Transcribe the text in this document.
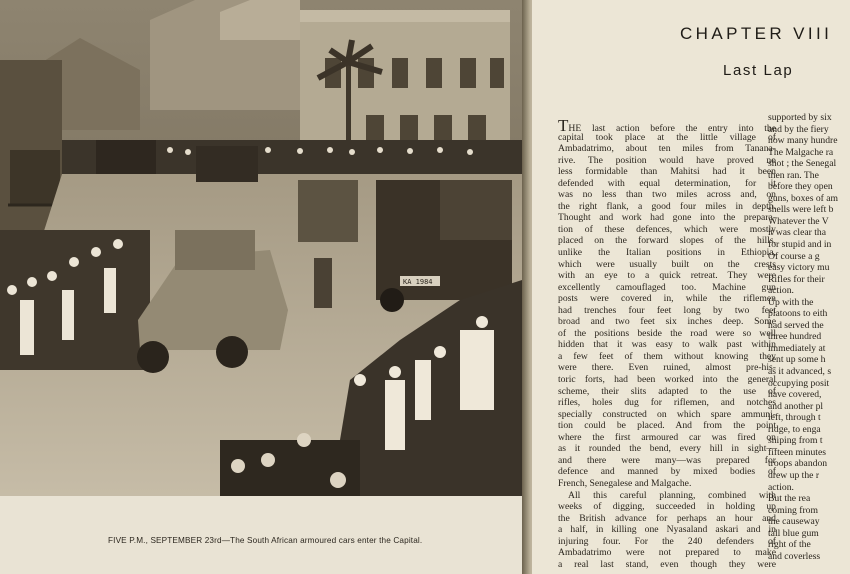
KA 1984
FIVE P.M., SEPTEMBER 23rd—The South African armoured cars enter the Capital.
CHAPTER VIII
Last Lap
THE last action before the entry into the
capital took place at the little village of
Ambadatrimo, about ten miles from Tanana-
rive. The position would have proved no
less formidable than Mahitsi had it been
defended with equal determination, for it
was no less than two miles across and, on
the right flank, a good four miles in depth.
Thought and work had gone into the prepara-
tion of these defences, which were mostly
placed on the forward slopes of the hills,
unlike the Italian positions in Ethiopia,
which were usually built on the crests
with an eye to a quick retreat. They were
excellently camouflaged too. Machine gun
posts were covered in, while the riflemen
had trenches four feet long by two feet
broad and two feet six inches deep. Some
of the positions beside the road were so well
hidden that it was easy to walk past within
a few feet of them without knowing they
were there. Even ruined, almost pre-his-
toric forts, had been worked into the general
scheme, their slits adapted to the use of
rifles, holes dug for riflemen, and notches
specially constructed on which spare ammuni-
tion could be placed. And from the point
where the first armoured car was fired on
as it rounded the bend, every hill in sight—
and there were many—was prepared for
defence and manned by mixed bodies of
French, Senegalese and Malgache.
All this careful planning, combined with
weeks of digging, succeeded in holding up
the British advance for perhaps an hour and
a half, in killing one Nyasaland askari and in
injuring four. For the 240 defenders of
Ambadatrimo were not prepared to make
a real last stand, even though they were
supported by six
and by the fiery
now many hundre
The Malgache ra
shot ; the Senegal
then ran. The
before they open
guns, boxes of am
shells were left b
Whatever the V
it was clear tha
for stupid and in
Of course a g
easy victory mu
Rifles for their
action.
Up with the
platoons to eith
had served the
three hundred
immediately at
sent up some h
as it advanced, s
occupying posit
have covered,
and another pl
left, through t
ridge, to enga
sniping from t
fifteen minutes
troops abandon
drew up the r
action.
But the rea
coming from
the causeway
tall blue gum
right of the
and coverless
